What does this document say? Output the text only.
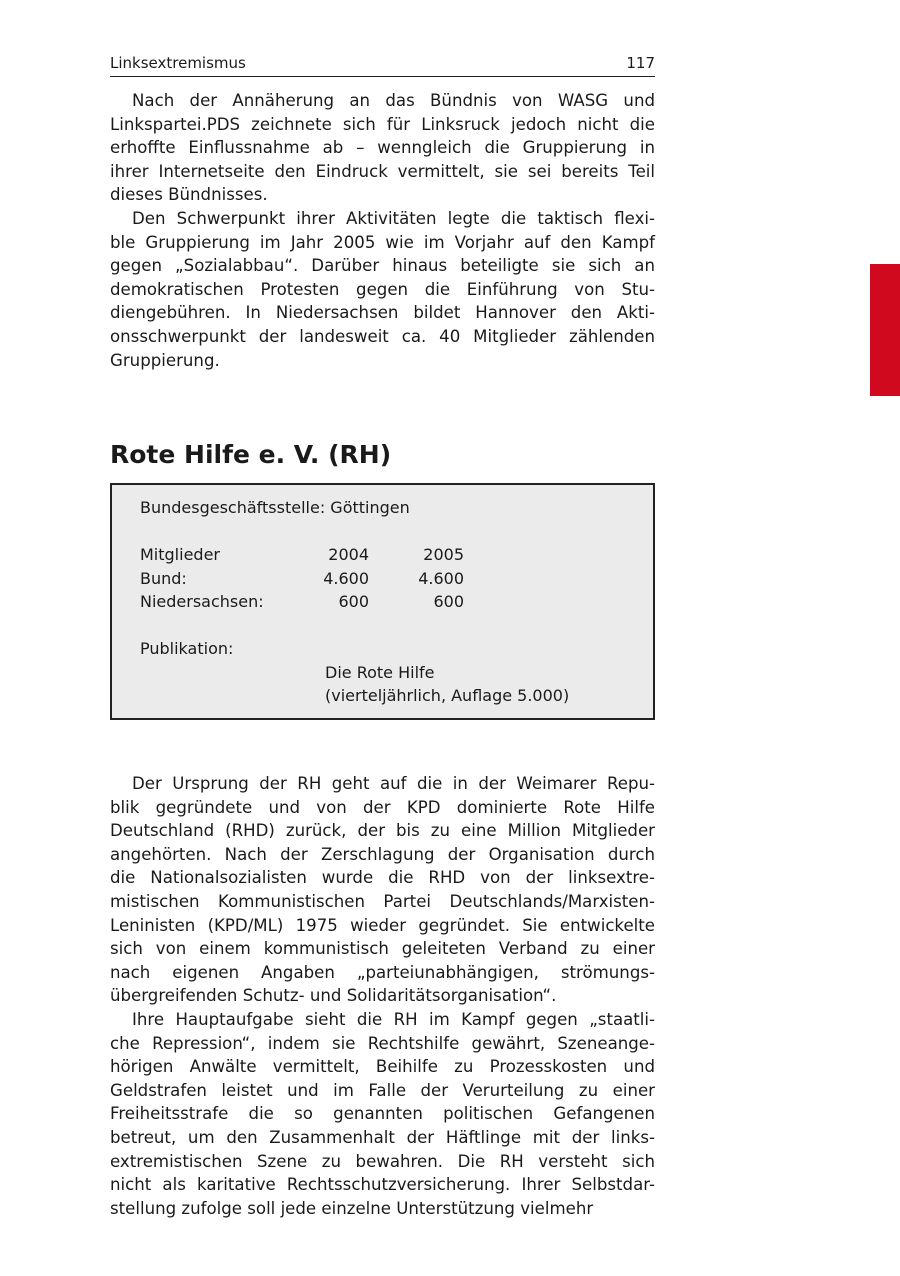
Linksextremismus	117
Nach der Annäherung an das Bündnis von WASG und
Linkspartei.PDS zeichnete sich für Linksruck jedoch nicht die
erhoffte Einflussnahme ab – wenngleich die Gruppierung in
ihrer Internetseite den Eindruck vermittelt, sie sei bereits Teil
dieses Bündnisses.
Den Schwerpunkt ihrer Aktivitäten legte die taktisch flexi-
ble Gruppierung im Jahr 2005 wie im Vorjahr auf den Kampf
gegen „Sozialabbau“. Darüber hinaus beteiligte sie sich an
demokratischen Protesten gegen die Einführung von Stu-
diengebühren. In Niedersachsen bildet Hannover den Akti-
onsschwerpunkt der landesweit ca. 40 Mitglieder zählenden
Gruppierung.
Rote Hilfe e. V. (RH)
Bundesgeschäftsstelle: Göttingen
Mitglieder	2004	2005
Bund:	4.600	4.600
Niedersachsen:	600	600
Publikation:
Die Rote Hilfe
(vierteljährlich, Auflage 5.000)
Der Ursprung der RH geht auf die in der Weimarer Repu-
blik gegründete und von der KPD dominierte Rote Hilfe
Deutschland (RHD) zurück, der bis zu eine Million Mitglieder
angehörten. Nach der Zerschlagung der Organisation durch
die Nationalsozialisten wurde die RHD von der linksextre-
mistischen Kommunistischen Partei Deutschlands/Marxisten-
Leninisten (KPD/ML) 1975 wieder gegründet. Sie entwickelte
sich von einem kommunistisch geleiteten Verband zu einer
nach eigenen Angaben „parteiunabhängigen, strömungs-
übergreifenden Schutz- und Solidaritätsorganisation“.
Ihre Hauptaufgabe sieht die RH im Kampf gegen „staatli-
che Repression“, indem sie Rechtshilfe gewährt, Szeneange-
hörigen Anwälte vermittelt, Beihilfe zu Prozesskosten und
Geldstrafen leistet und im Falle der Verurteilung zu einer
Freiheitsstrafe die so genannten politischen Gefangenen
betreut, um den Zusammenhalt der Häftlinge mit der links-
extremistischen Szene zu bewahren. Die RH versteht sich
nicht als karitative Rechtsschutzversicherung. Ihrer Selbstdar-
stellung zufolge soll jede einzelne Unterstützung vielmehr
